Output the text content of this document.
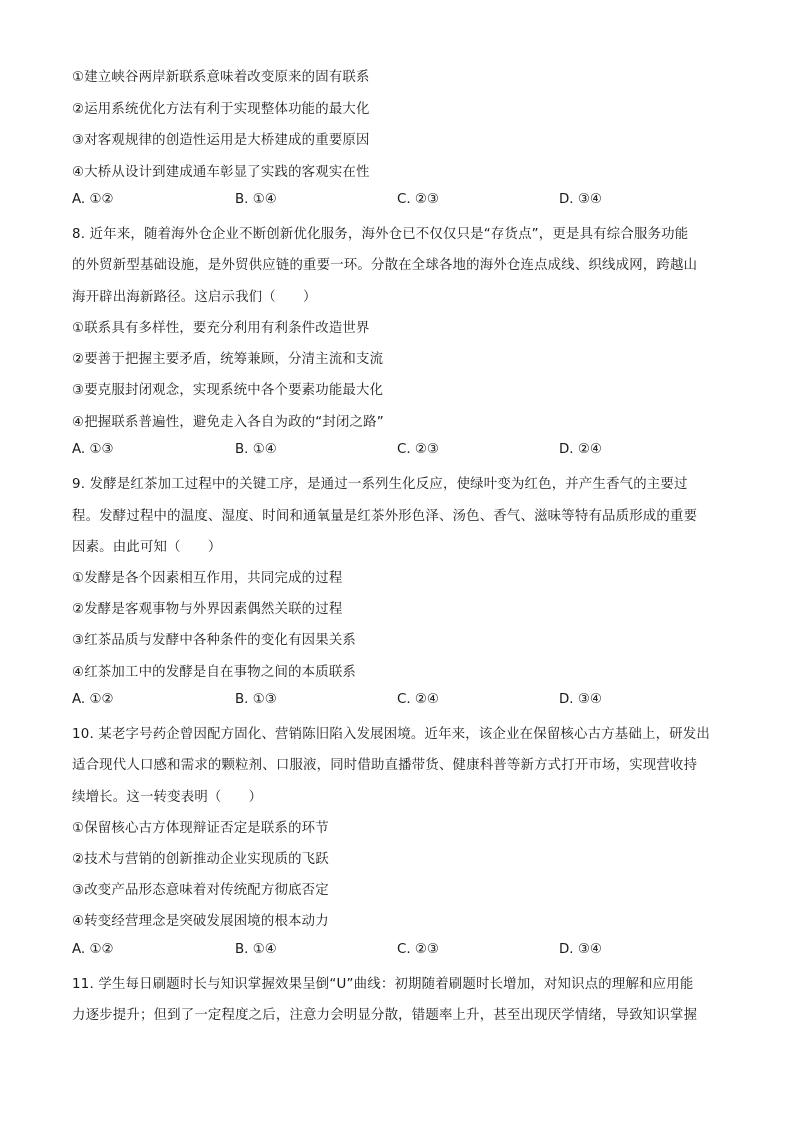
①建立峡谷两岸新联系意味着改变原来的固有联系
②运用系统优化方法有利于实现整体功能的最大化
③对客观规律的创造性运用是大桥建成的重要原因
④大桥从设计到建成通车彰显了实践的客观实在性
A. ①②	B. ①④	C. ②③	D. ③④
8. 近年来，随着海外仓企业不断创新优化服务，海外仓已不仅仅只是“存货点”，更是具有综合服务功能
的外贸新型基础设施，是外贸供应链的重要一环。分散在全球各地的海外仓连点成线、织线成网，跨越山
海开辟出海新路径。这启示我们（　　）
①联系具有多样性，要充分利用有利条件改造世界
②要善于把握主要矛盾，统筹兼顾，分清主流和支流
③要克服封闭观念，实现系统中各个要素功能最大化
④把握联系普遍性，避免走入各自为政的“封闭之路”
A. ①③	B. ①④	C. ②③	D. ②④
9. 发酵是红茶加工过程中的关键工序，是通过一系列生化反应，使绿叶变为红色，并产生香气的主要过
程。发酵过程中的温度、湿度、时间和通氧量是红茶外形色泽、汤色、香气、滋味等特有品质形成的重要
因素。由此可知（　　）
①发酵是各个因素相互作用，共同完成的过程
②发酵是客观事物与外界因素偶然关联的过程
③红茶品质与发酵中各种条件的变化有因果关系
④红茶加工中的发酵是自在事物之间的本质联系
A. ①②	B. ①③	C. ②④	D. ③④
10. 某老字号药企曾因配方固化、营销陈旧陷入发展困境。近年来，该企业在保留核心古方基础上，研发出
适合现代人口感和需求的颗粒剂、口服液，同时借助直播带货、健康科普等新方式打开市场，实现营收持
续增长。这一转变表明（　　）
①保留核心古方体现辩证否定是联系的环节
②技术与营销的创新推动企业实现质的飞跃
③改变产品形态意味着对传统配方彻底否定
④转变经营理念是突破发展困境的根本动力
A. ①②	B. ①④	C. ②③	D. ③④
11. 学生每日刷题时长与知识掌握效果呈倒“U”曲线：初期随着刷题时长增加，对知识点的理解和应用能
力逐步提升；但到了一定程度之后，注意力会明显分散，错题率上升，甚至出现厌学情绪，导致知识掌握
